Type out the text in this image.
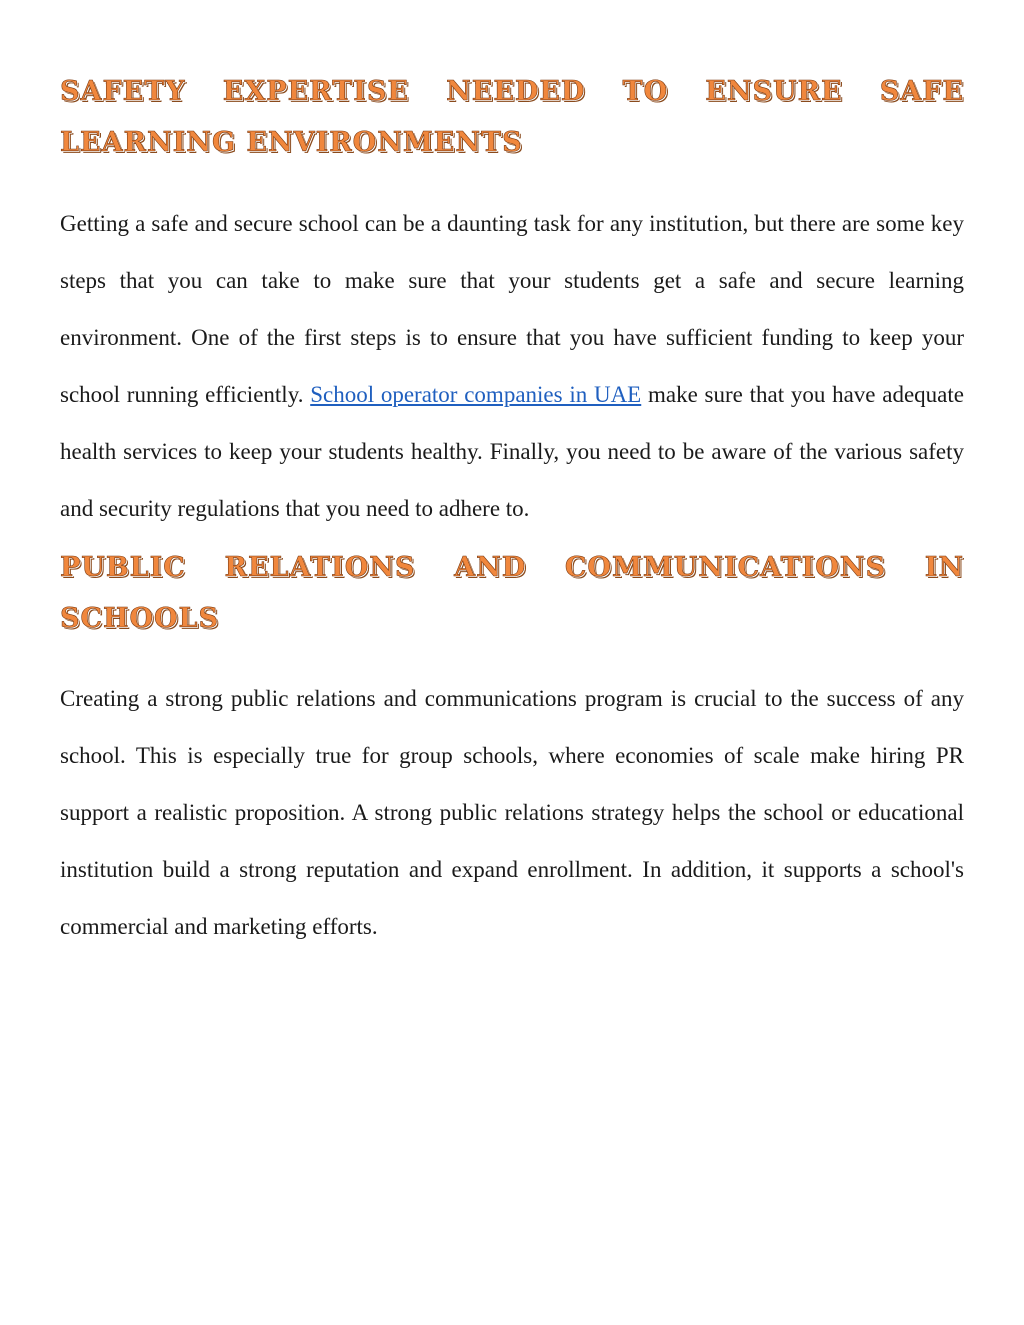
SAFETY EXPERTISE NEEDED TO ENSURE SAFE LEARNING ENVIRONMENTS

Getting a safe and secure school can be a daunting task for any institution, but there are some key steps that you can take to make sure that your students get a safe and secure learning environment. One of the first steps is to ensure that you have sufficient funding to keep your school running efficiently. School operator companies in UAE make sure that you have adequate health services to keep your students healthy. Finally, you need to be aware of the various safety and security regulations that you need to adhere to.

PUBLIC RELATIONS AND COMMUNICATIONS IN SCHOOLS

Creating a strong public relations and communications program is crucial to the success of any school. This is especially true for group schools, where economies of scale make hiring PR support a realistic proposition. A strong public relations strategy helps the school or educational institution build a strong reputation and expand enrollment. In addition, it supports a school's commercial and marketing efforts.
